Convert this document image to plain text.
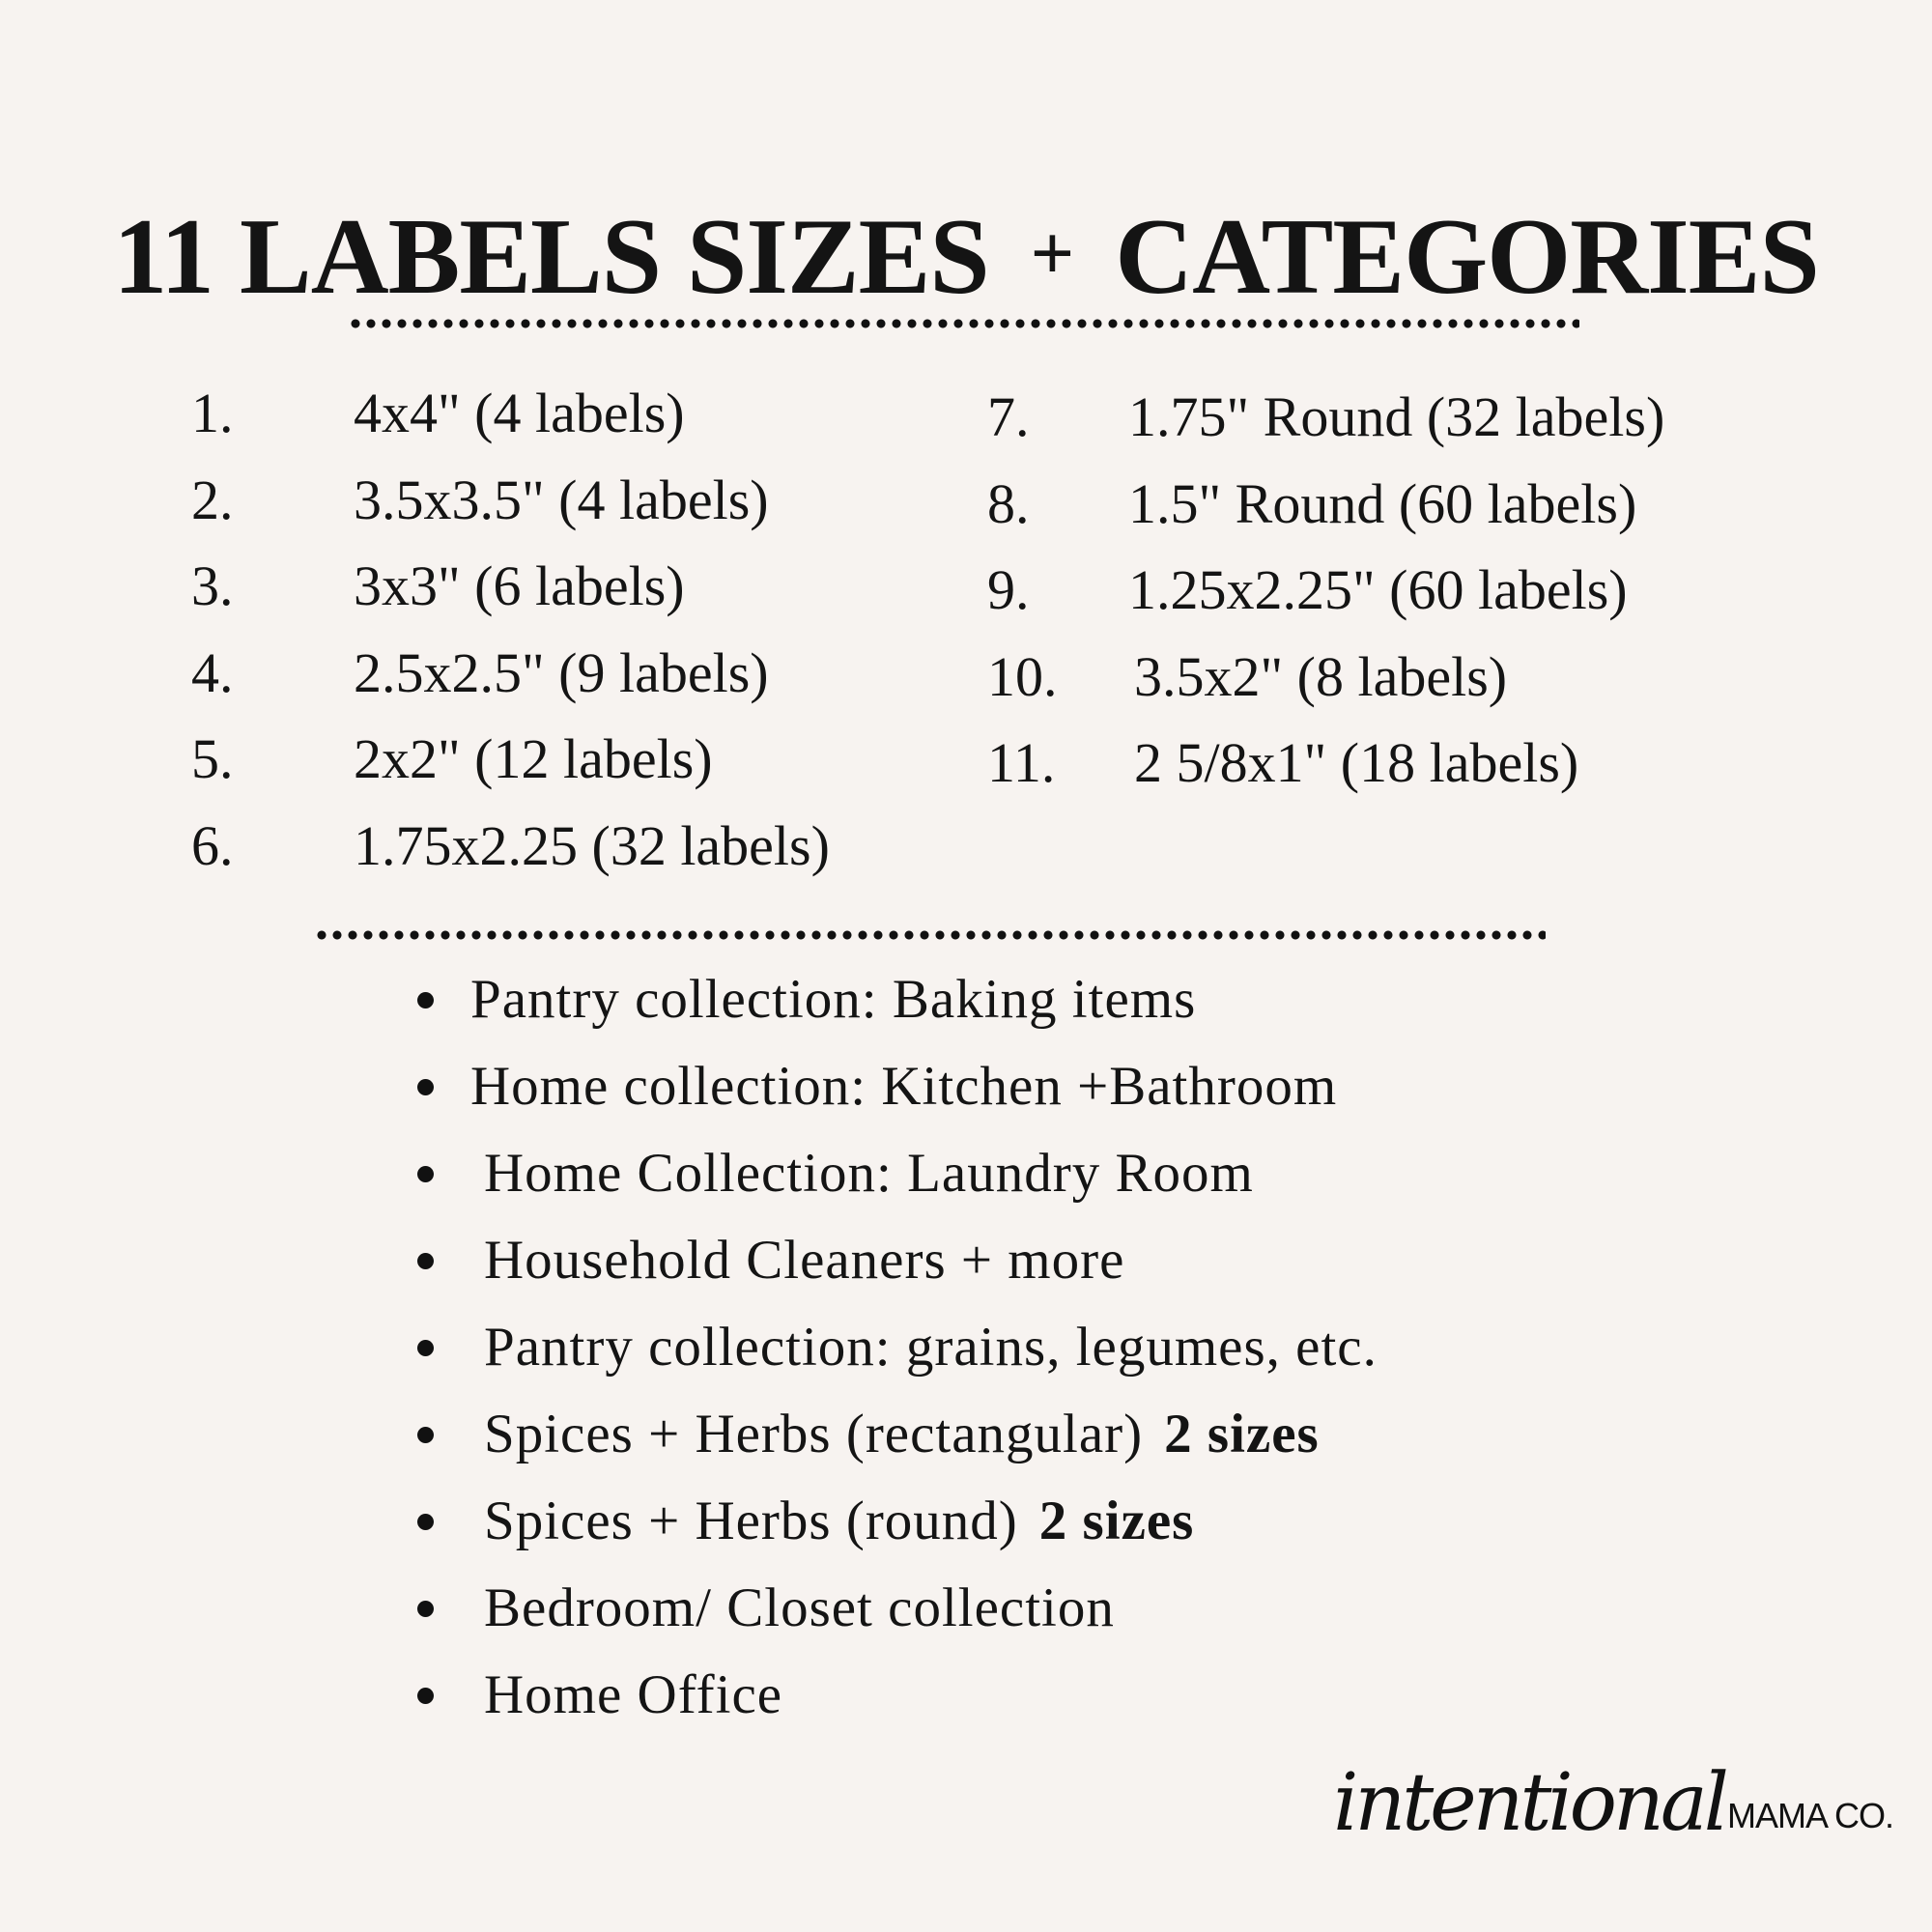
11 LABELS SIZES + CATEGORIES
1.	4x4" (4 labels)
2.	3.5x3.5" (4 labels)
3.	3x3" (6 labels)
4.	2.5x2.5" (9 labels)
5.	2x2" (12 labels)
6.	1.75x2.25 (32 labels)
7.	1.75" Round (32 labels)
8.	1.5" Round (60 labels)
9.	1.25x2.25" (60 labels)
10.	3.5x2" (8 labels)
11.	2 5/8x1" (18 labels)
Pantry collection: Baking items
Home collection: Kitchen +Bathroom
Home Collection: Laundry Room
Household Cleaners + more
Pantry collection: grains, legumes, etc.
Spices + Herbs (rectangular) 2 sizes
Spices + Herbs (round) 2 sizes
Bedroom/ Closet collection
Home Office
intentional MAMA CO.
